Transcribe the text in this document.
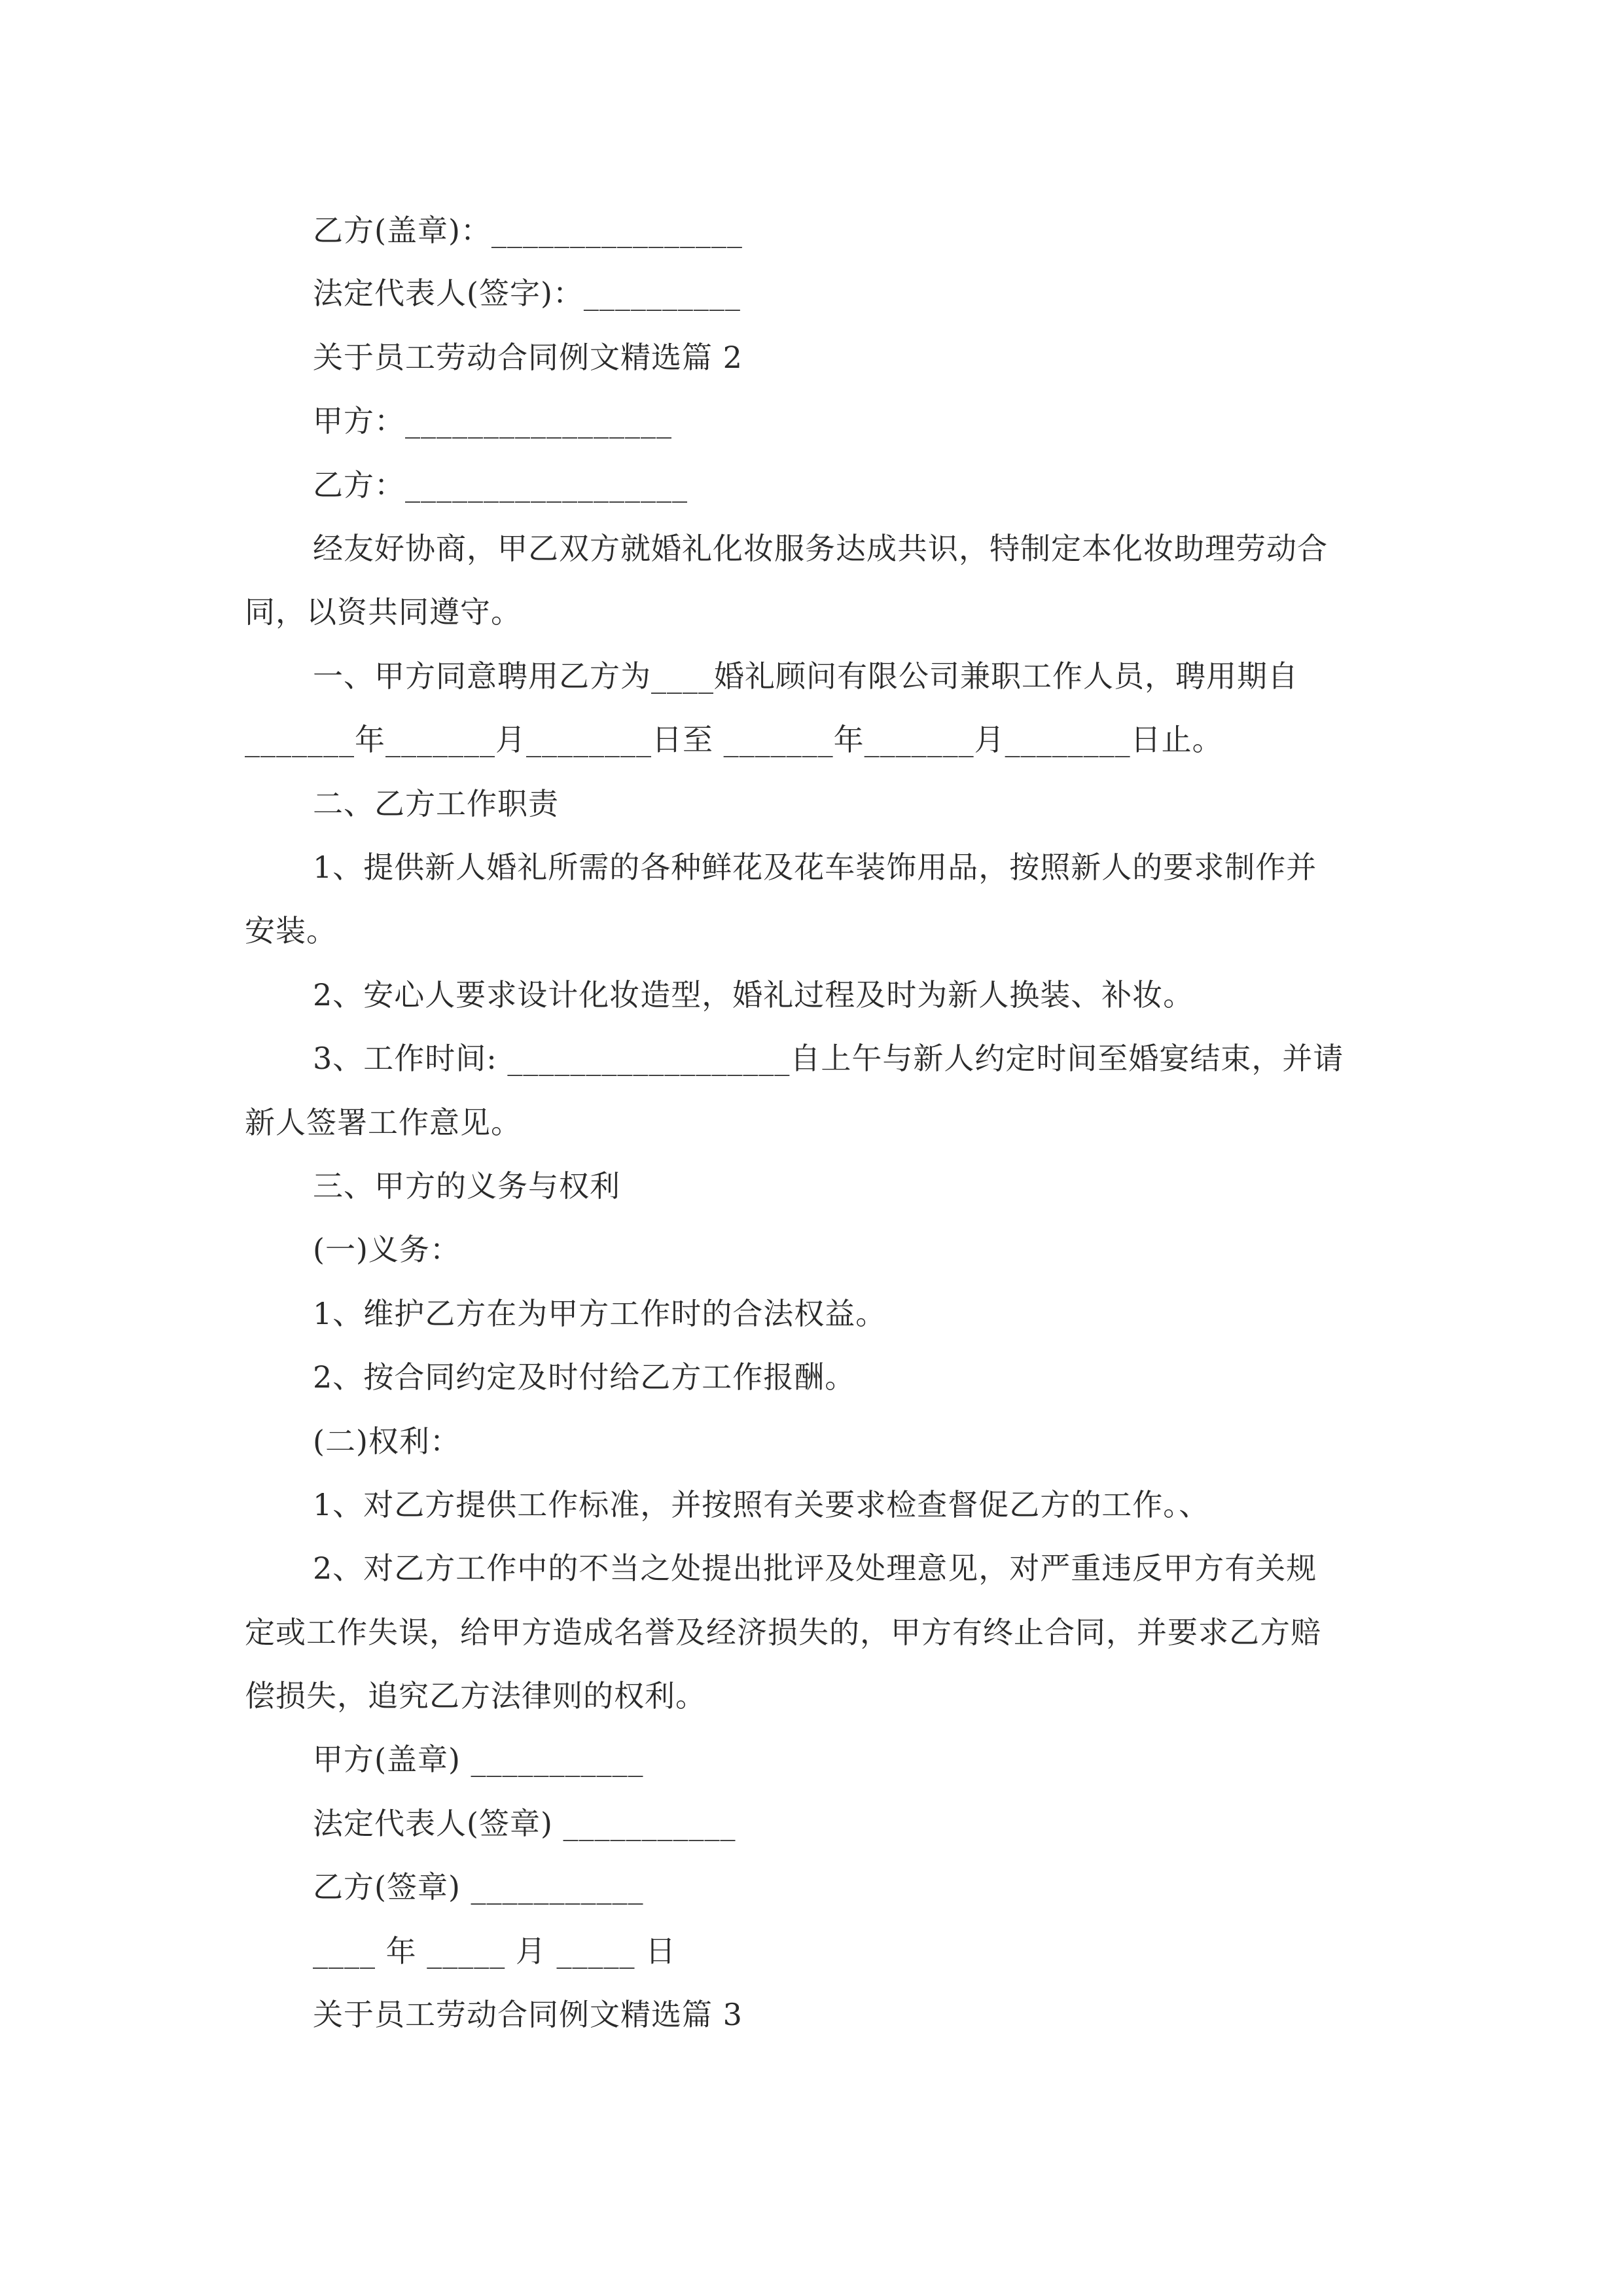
乙方(盖章)：________________
法定代表人(签字)：__________
关于员工劳动合同例文精选篇 2
甲方：_________________
乙方：__________________
经友好协商，甲乙双方就婚礼化妆服务达成共识，特制定本化妆助理劳动合
同，以资共同遵守。
一、甲方同意聘用乙方为____婚礼顾问有限公司兼职工作人员，聘用期自
_______年_______月________日至 _______年_______月________日止。
二、乙方工作职责
1、提供新人婚礼所需的各种鲜花及花车装饰用品，按照新人的要求制作并
安装。
2、安心人要求设计化妆造型，婚礼过程及时为新人换装、补妆。
3、工作时间: __________________自上午与新人约定时间至婚宴结束，并请
新人签署工作意见。
三、甲方的义务与权利
(一)义务：
1、维护乙方在为甲方工作时的合法权益。
2、按合同约定及时付给乙方工作报酬。
(二)权利：
1、对乙方提供工作标准，并按照有关要求检查督促乙方的工作。、
2、对乙方工作中的不当之处提出批评及处理意见，对严重违反甲方有关规
定或工作失误，给甲方造成名誉及经济损失的，甲方有终止合同，并要求乙方赔
偿损失，追究乙方法律则的权利。
甲方(盖章) ___________
法定代表人(签章) ___________
乙方(签章) ___________
____ 年 _____ 月 _____ 日
关于员工劳动合同例文精选篇 3
